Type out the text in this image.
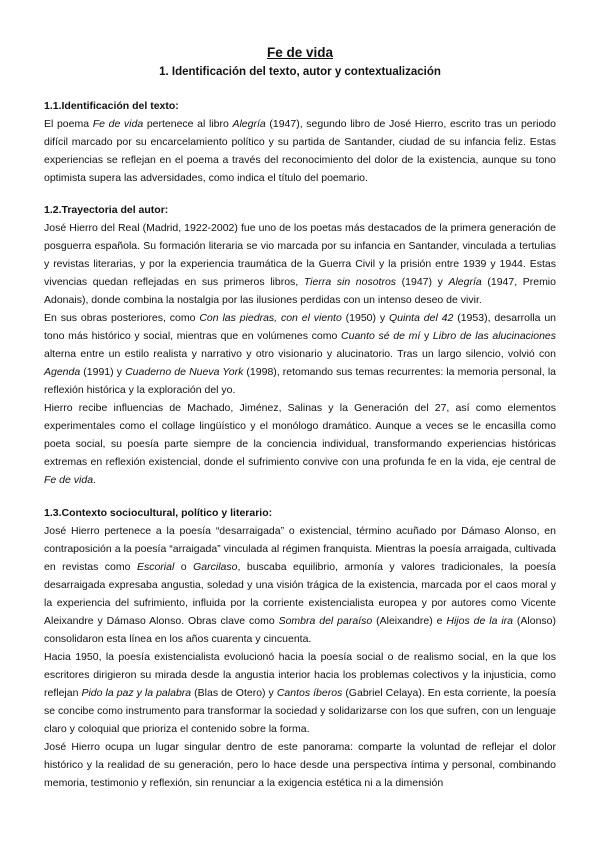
Fe de vida
1. Identificación del texto, autor y contextualización
1.1.Identificación del texto:

El poema Fe de vida pertenece al libro Alegría (1947), segundo libro de José Hierro, escrito tras un periodo difícil marcado por su encarcelamiento político y su partida de Santander, ciudad de su infancia feliz. Estas experiencias se reflejan en el poema a través del reconocimiento del dolor de la existencia, aunque su tono optimista supera las adversidades, como indica el título del poemario.

1.2.Trayectoria del autor:

José Hierro del Real (Madrid, 1922-2002) fue uno de los poetas más destacados de la primera generación de posguerra española. Su formación literaria se vio marcada por su infancia en Santander, vinculada a tertulias y revistas literarias, y por la experiencia traumática de la Guerra Civil y la prisión entre 1939 y 1944. Estas vivencias quedan reflejadas en sus primeros libros, Tierra sin nosotros (1947) y Alegría (1947, Premio Adonais), donde combina la nostalgia por las ilusiones perdidas con un intenso deseo de vivir.

En sus obras posteriores, como Con las piedras, con el viento (1950) y Quinta del 42 (1953), desarrolla un tono más histórico y social, mientras que en volúmenes como Cuanto sé de mí y Libro de las alucinaciones alterna entre un estilo realista y narrativo y otro visionario y alucinatorio. Tras un largo silencio, volvió con Agenda (1991) y Cuaderno de Nueva York (1998), retomando sus temas recurrentes: la memoria personal, la reflexión histórica y la exploración del yo.

Hierro recibe influencias de Machado, Jiménez, Salinas y la Generación del 27, así como elementos experimentales como el collage lingüístico y el monólogo dramático. Aunque a veces se le encasilla como poeta social, su poesía parte siempre de la conciencia individual, transformando experiencias históricas extremas en reflexión existencial, donde el sufrimiento convive con una profunda fe en la vida, eje central de Fe de vida.

1.3.Contexto sociocultural, político y literario:

José Hierro pertenece a la poesía “desarraigada” o existencial, término acuñado por Dámaso Alonso, en contraposición a la poesía “arraigada” vinculada al régimen franquista. Mientras la poesía arraigada, cultivada en revistas como Escorial o Garcilaso, buscaba equilibrio, armonía y valores tradicionales, la poesía desarraigada expresaba angustia, soledad y una visión trágica de la existencia, marcada por el caos moral y la experiencia del sufrimiento, influida por la corriente existencialista europea y por autores como Vicente Aleixandre y Dámaso Alonso. Obras clave como Sombra del paraíso (Aleixandre) e Hijos de la ira (Alonso) consolidaron esta línea en los años cuarenta y cincuenta.

Hacia 1950, la poesía existencialista evolucionó hacia la poesía social o de realismo social, en la que los escritores dirigieron su mirada desde la angustia interior hacia los problemas colectivos y la injusticia, como reflejan Pido la paz y la palabra (Blas de Otero) y Cantos íberos (Gabriel Celaya). En esta corriente, la poesía se concibe como instrumento para transformar la sociedad y solidarizarse con los que sufren, con un lenguaje claro y coloquial que prioriza el contenido sobre la forma.

José Hierro ocupa un lugar singular dentro de este panorama: comparte la voluntad de reflejar el dolor histórico y la realidad de su generación, pero lo hace desde una perspectiva íntima y personal, combinando memoria, testimonio y reflexión, sin renunciar a la exigencia estética ni a la dimensión
